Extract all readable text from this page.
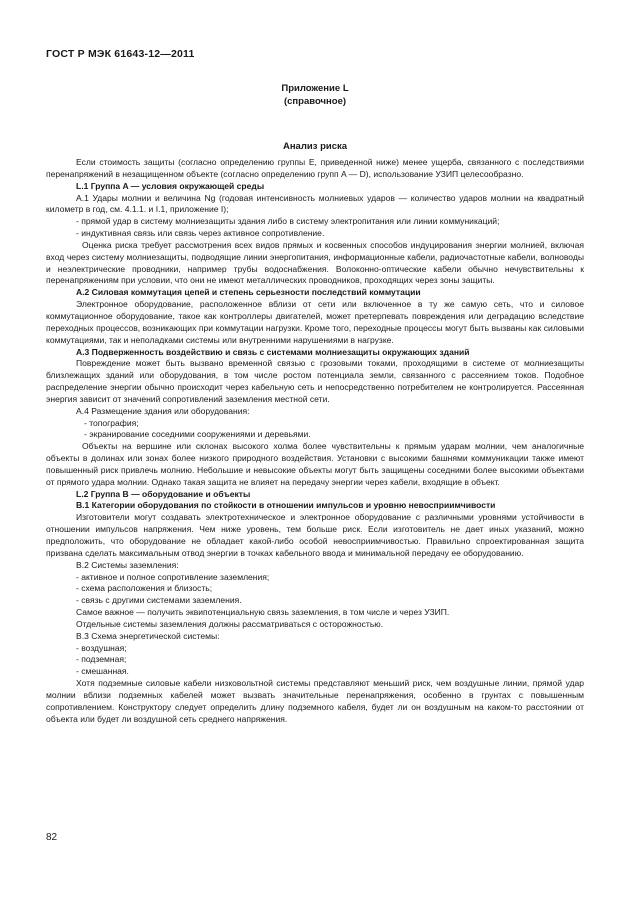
ГОСТ Р МЭК 61643-12—2011
Приложение L
(справочное)
Анализ риска

Если стоимость защиты (согласно определению группы E, приведенной ниже) менее ущерба, связанного с последствиями перенапряжений в незащищенном объекте (согласно определению групп A — D), использование УЗИП целесообразно.

L.1 Группа A — условия окружающей среды

A.1 Удары молнии и величина Ng (годовая интенсивность молниевых ударов — количество ударов молнии на квадратный километр в год, см. 4.1.1. и I.1, приложение I);

- прямой удар в систему молниезащиты здания либо в систему электропитания или линии коммуникаций;

- индуктивная связь или связь через активное сопротивление.

Оценка риска требует рассмотрения всех видов прямых и косвенных способов индуцирования энергии молнией, включая вход через систему молниезащиты, подводящие линии энергопитания, информационные кабели, радиочастотные кабели, волноводы и неэлектрические проводники, например трубы водоснабжения. Волоконно-оптические кабели обычно нечувствительны к перенапряжениям при условии, что они не имеют металлических проводников, проходящих через зоны защиты.

A.2 Силовая коммутация цепей и степень серьезности последствий коммутации

Электронное оборудование, расположенное вблизи от сети или включенное в ту же самую сеть, что и силовое коммутационное оборудование, такое как контроллеры двигателей, может претерпевать повреждения или деградацию вследствие переходных процессов, возникающих при коммутации нагрузки. Кроме того, переходные процессы могут быть вызваны как силовыми коммутациями, так и неполадками системы или внутренними нарушениями в нагрузке.

A.3 Подверженность воздействию и связь с системами молниезащиты окружающих зданий

Повреждение может быть вызвано временной связью с грозовыми токами, проходящими в системе от молниезащиты близлежащих зданий или оборудования, в том числе ростом потенциала земли, связанного с рассеянием токов. Подобное распределение энергии обычно происходит через кабельную сеть и непосредственно потребителем не контролируется. Рассеянная энергия зависит от значений сопротивлений заземления местной сети.

A.4 Размещение здания или оборудования:

- топография;

- экранирование соседними сооружениями и деревьями.

Объекты на вершине или склонах высокого холма более чувствительны к прямым ударам молнии, чем аналогичные объекты в долинах или зонах более низкого природного воздействия. Установки с высокими башнями коммуникации также имеют повышенный риск привлечь молнию. Небольшие и невысокие объекты могут быть защищены соседними более высокими объектами от прямого удара молнии. Однако такая защита не влияет на передачу энергии через кабели, входящие в объект.

L.2 Группа B — оборудование и объекты

B.1 Категории оборудования по стойкости в отношении импульсов и уровню невосприимчивости

Изготовители могут создавать электротехническое и электронное оборудование с различными уровнями устойчивости в отношении импульсов напряжения. Чем ниже уровень, тем больше риск. Если изготовитель не дает иных указаний, можно предположить, что оборудование не обладает какой-либо особой невосприимчивостью. Правильно спроектированная защита призвана сделать максимальным отвод энергии в точках кабельного ввода и минимальной передачу ее оборудованию.

B.2 Системы заземления:

- активное и полное сопротивление заземления;

- схема расположения и близость;

- связь с другими системами заземления.

Самое важное — получить эквипотенциальную связь заземления, в том числе и через УЗИП.

Отдельные системы заземления должны рассматриваться с осторожностью.

B.3 Схема энергетической системы:

- воздушная;

- подземная;

- смешанная.

Хотя подземные силовые кабели низковольтной системы представляют меньший риск, чем воздушные линии, прямой удар молнии вблизи подземных кабелей может вызвать значительные перенапряжения, особенно в грунтах с повышенным сопротивлением. Конструктору следует определить длину подземного кабеля, будет ли он воздушным на каком-то расстоянии от объекта или будет ли воздушной сеть среднего напряжения.

82
